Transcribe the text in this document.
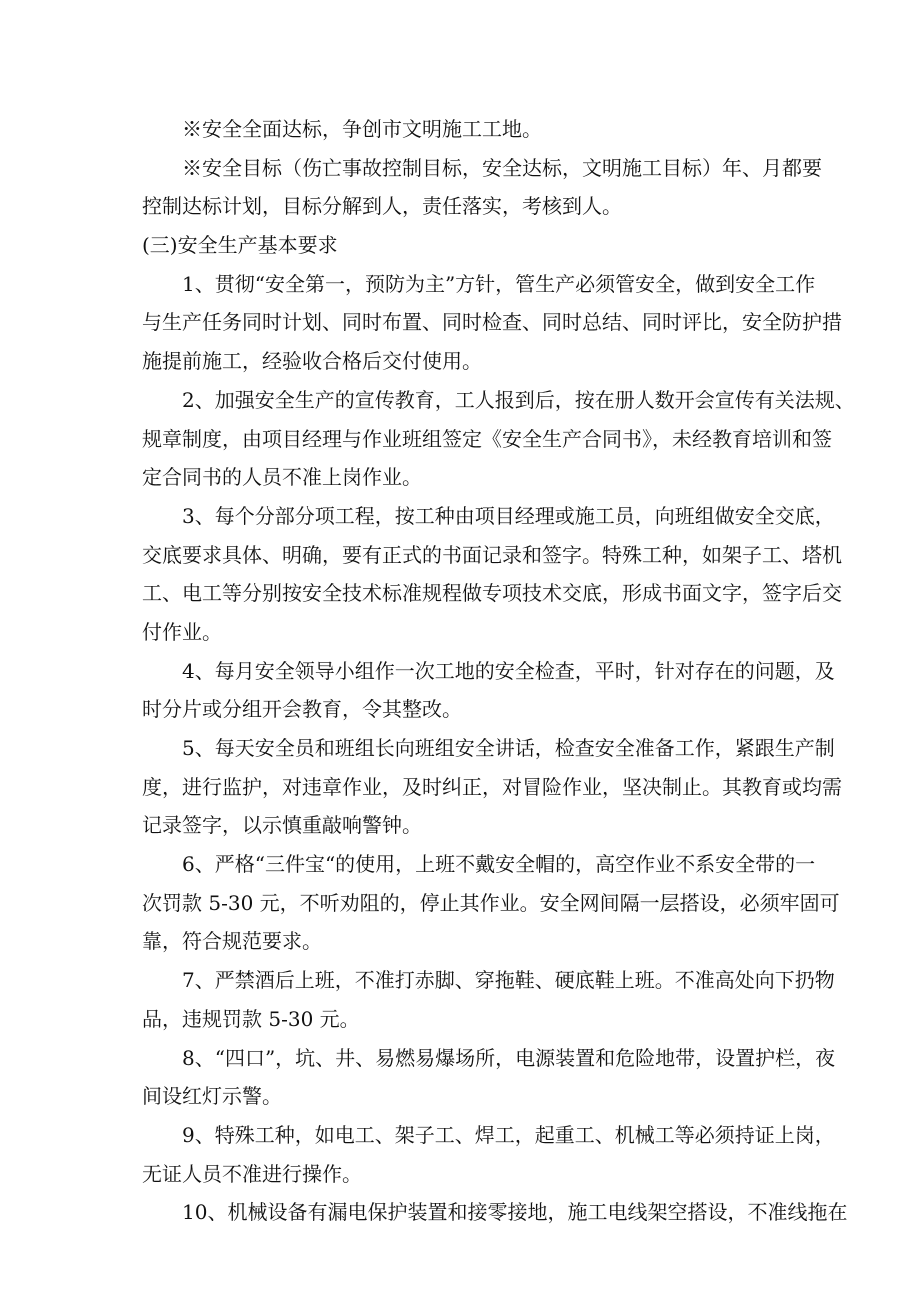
※安全全面达标，争创市文明施工工地。
※安全目标（伤亡事故控制目标，安全达标，文明施工目标）年、月都要
控制达标计划，目标分解到人，责任落实，考核到人。
(三)安全生产基本要求
1、贯彻“安全第一，预防为主”方针，管生产必须管安全，做到安全工作
与生产任务同时计划、同时布置、同时检查、同时总结、同时评比，安全防护措
施提前施工，经验收合格后交付使用。
2、加强安全生产的宣传教育，工人报到后，按在册人数开会宣传有关法规、
规章制度，由项目经理与作业班组签定《安全生产合同书》，未经教育培训和签
定合同书的人员不准上岗作业。
3、每个分部分项工程，按工种由项目经理或施工员，向班组做安全交底，
交底要求具体、明确，要有正式的书面记录和签字。特殊工种，如架子工、塔机
工、电工等分别按安全技术标准规程做专项技术交底，形成书面文字，签字后交
付作业。
4、每月安全领导小组作一次工地的安全检查，平时，针对存在的问题，及
时分片或分组开会教育，令其整改。
5、每天安全员和班组长向班组安全讲话，检查安全准备工作，紧跟生产制
度，进行监护，对违章作业，及时纠正，对冒险作业，坚决制止。其教育或均需
记录签字，以示慎重敲响警钟。
6、严格“三件宝“的使用，上班不戴安全帽的，高空作业不系安全带的一
次罚款 5-30 元，不听劝阻的，停止其作业。安全网间隔一层搭设，必须牢固可
靠，符合规范要求。
7、严禁酒后上班，不准打赤脚、穿拖鞋、硬底鞋上班。不准高处向下扔物
品，违规罚款 5-30 元。
8、“四口”，坑、井、易燃易爆场所，电源装置和危险地带，设置护栏，夜
间设红灯示警。
9、特殊工种，如电工、架子工、焊工，起重工、机械工等必须持证上岗，
无证人员不准进行操作。
10、机械设备有漏电保护装置和接零接地，施工电线架空搭设，不准线拖在
